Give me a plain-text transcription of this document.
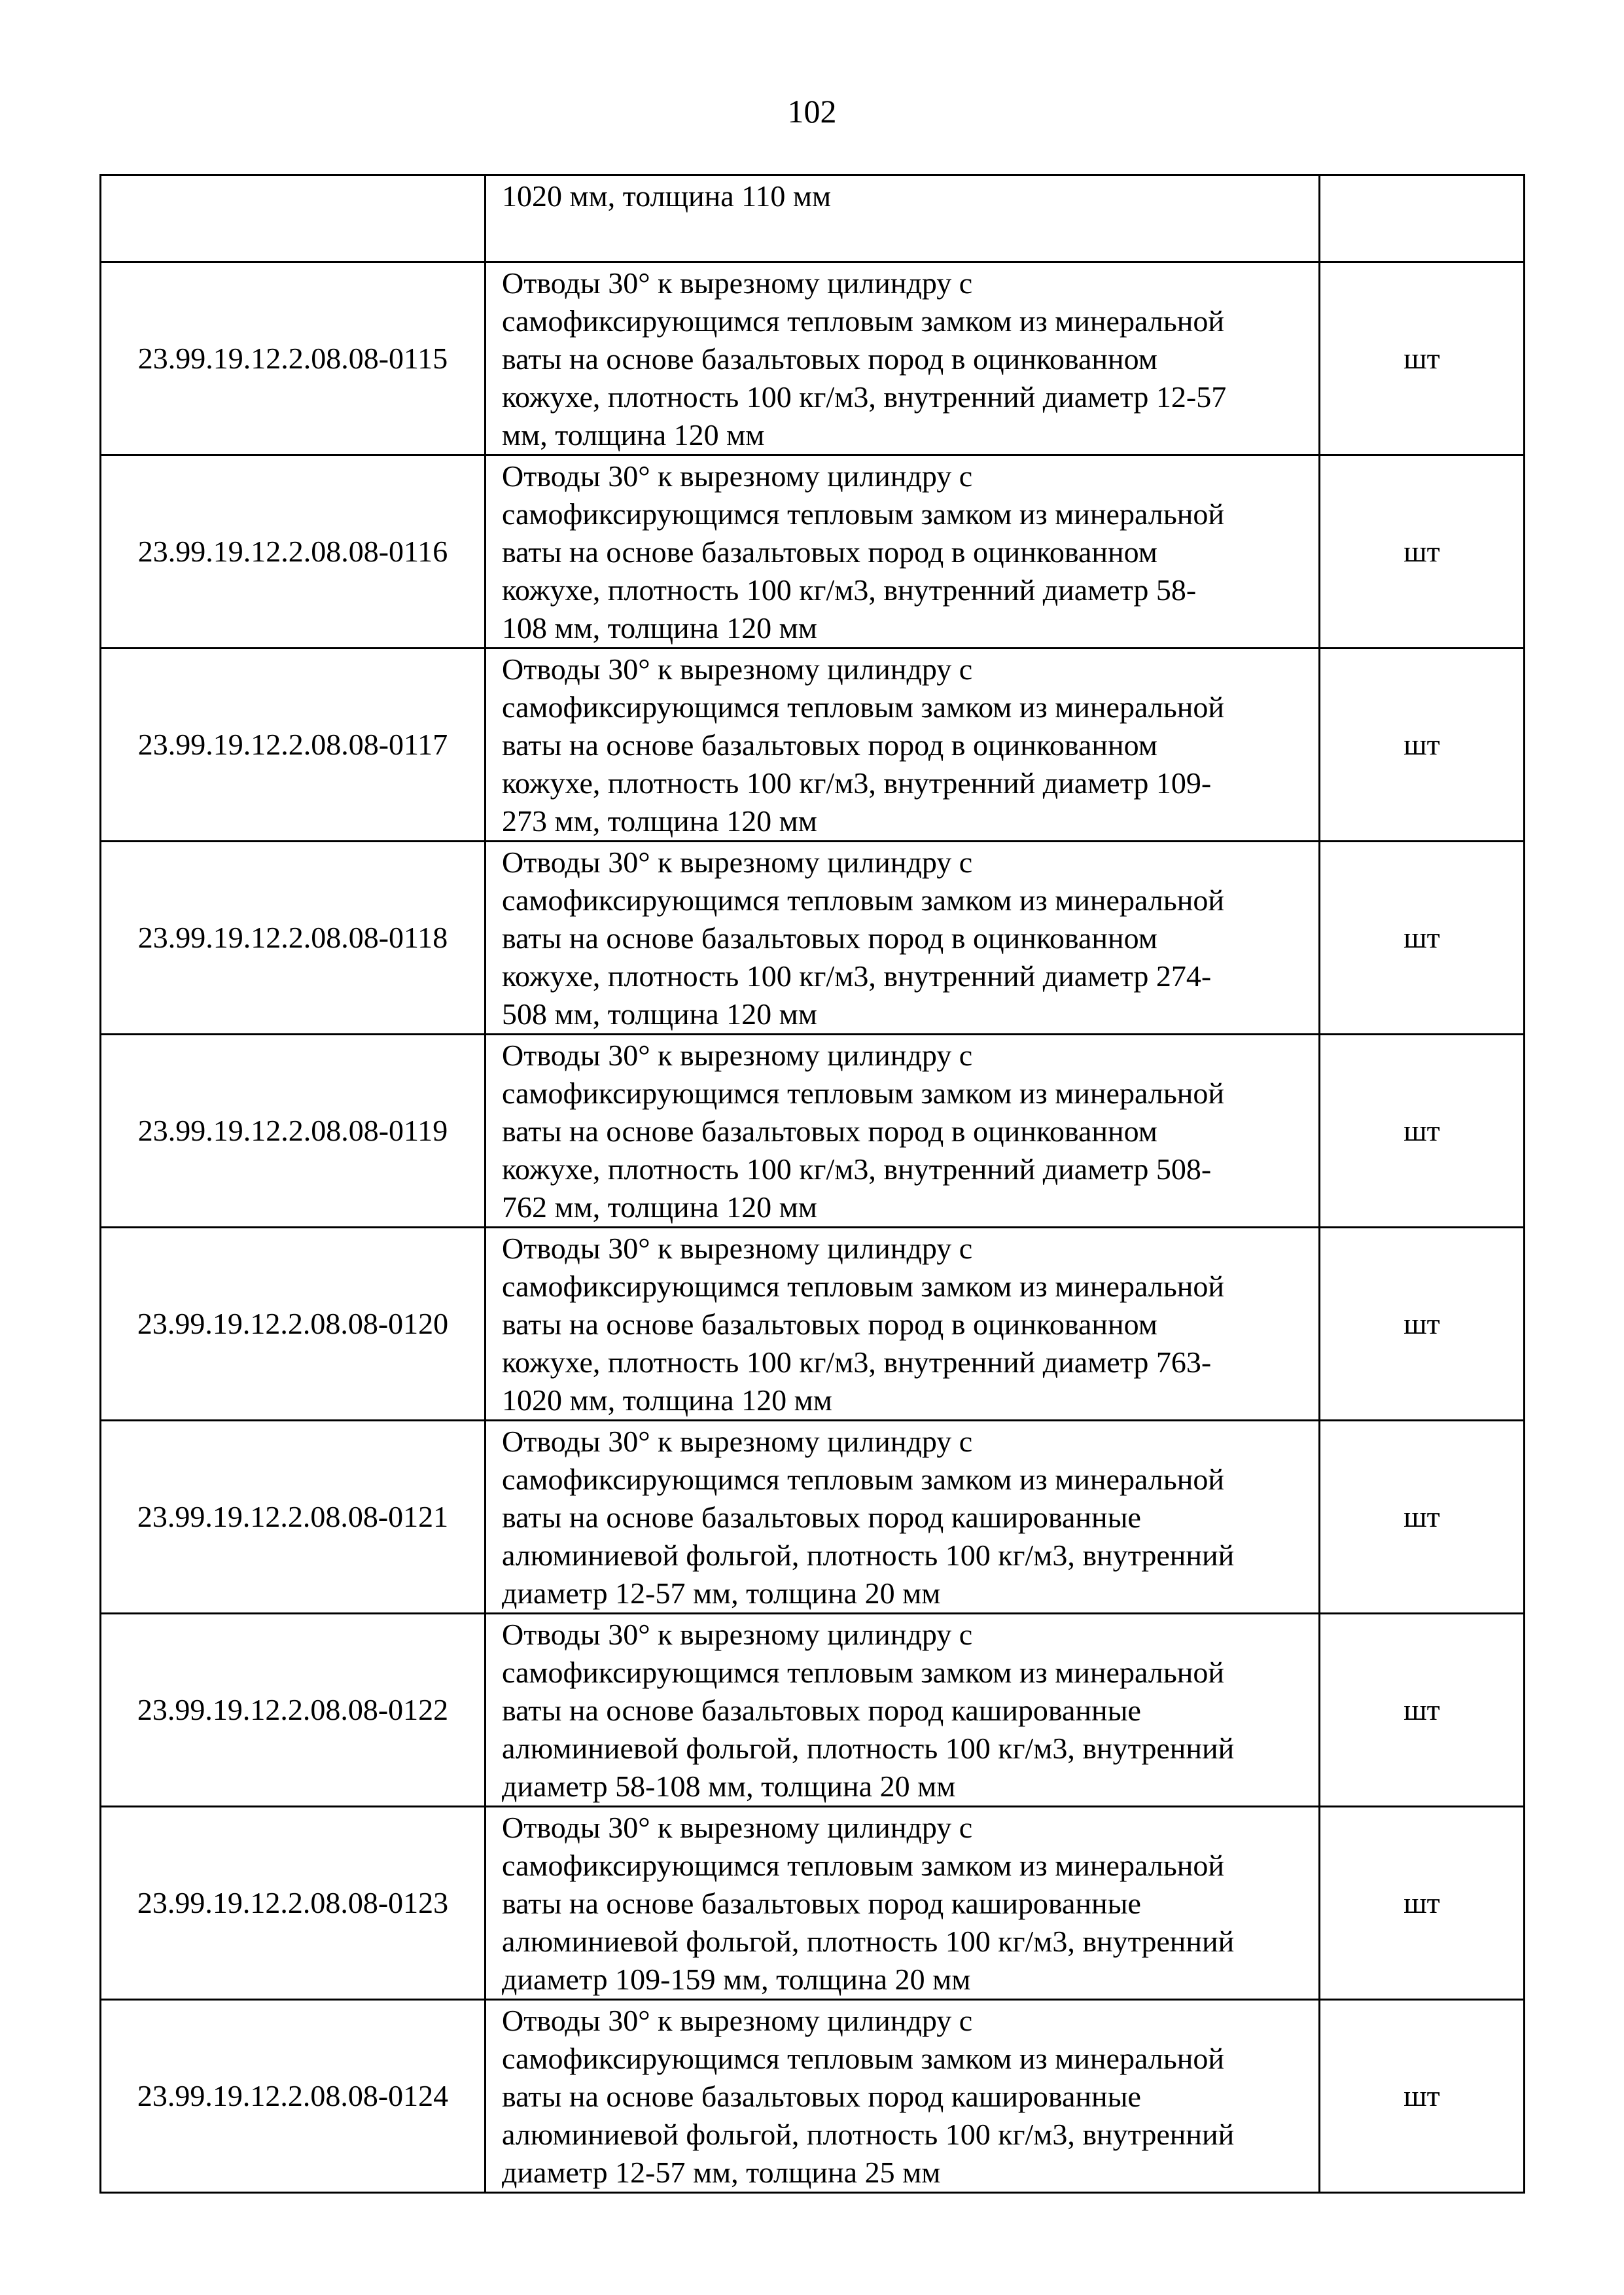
102

	1020 мм, толщина 110 мм	

23.99.19.12.2.08.08-0115	Отводы 30° к вырезному цилиндру с
самофиксирующимся тепловым замком из минеральной
ваты на основе базальтовых пород в оцинкованном
кожухе, плотность 100 кг/м3, внутренний диаметр 12-57
мм, толщина 120 мм	шт
23.99.19.12.2.08.08-0116	Отводы 30° к вырезному цилиндру с
самофиксирующимся тепловым замком из минеральной
ваты на основе базальтовых пород в оцинкованном
кожухе, плотность 100 кг/м3, внутренний диаметр 58-
108 мм, толщина 120 мм	шт
23.99.19.12.2.08.08-0117	Отводы 30° к вырезному цилиндру с
самофиксирующимся тепловым замком из минеральной
ваты на основе базальтовых пород в оцинкованном
кожухе, плотность 100 кг/м3, внутренний диаметр 109-
273 мм, толщина 120 мм	шт
23.99.19.12.2.08.08-0118	Отводы 30° к вырезному цилиндру с
самофиксирующимся тепловым замком из минеральной
ваты на основе базальтовых пород в оцинкованном
кожухе, плотность 100 кг/м3, внутренний диаметр 274-
508 мм, толщина 120 мм	шт
23.99.19.12.2.08.08-0119	Отводы 30° к вырезному цилиндру с
самофиксирующимся тепловым замком из минеральной
ваты на основе базальтовых пород в оцинкованном
кожухе, плотность 100 кг/м3, внутренний диаметр 508-
762 мм, толщина 120 мм	шт
23.99.19.12.2.08.08-0120	Отводы 30° к вырезному цилиндру с
самофиксирующимся тепловым замком из минеральной
ваты на основе базальтовых пород в оцинкованном
кожухе, плотность 100 кг/м3, внутренний диаметр 763-
1020 мм, толщина 120 мм	шт
23.99.19.12.2.08.08-0121	Отводы 30° к вырезному цилиндру с
самофиксирующимся тепловым замком из минеральной
ваты на основе базальтовых пород кашированные
алюминиевой фольгой, плотность 100 кг/м3, внутренний
диаметр 12-57 мм, толщина 20 мм	шт
23.99.19.12.2.08.08-0122	Отводы 30° к вырезному цилиндру с
самофиксирующимся тепловым замком из минеральной
ваты на основе базальтовых пород кашированные
алюминиевой фольгой, плотность 100 кг/м3, внутренний
диаметр 58-108 мм, толщина 20 мм	шт
23.99.19.12.2.08.08-0123	Отводы 30° к вырезному цилиндру с
самофиксирующимся тепловым замком из минеральной
ваты на основе базальтовых пород кашированные
алюминиевой фольгой, плотность 100 кг/м3, внутренний
диаметр 109-159 мм, толщина 20 мм	шт
23.99.19.12.2.08.08-0124	Отводы 30° к вырезному цилиндру с
самофиксирующимся тепловым замком из минеральной
ваты на основе базальтовых пород кашированные
алюминиевой фольгой, плотность 100 кг/м3, внутренний
диаметр 12-57 мм, толщина 25 мм	шт
